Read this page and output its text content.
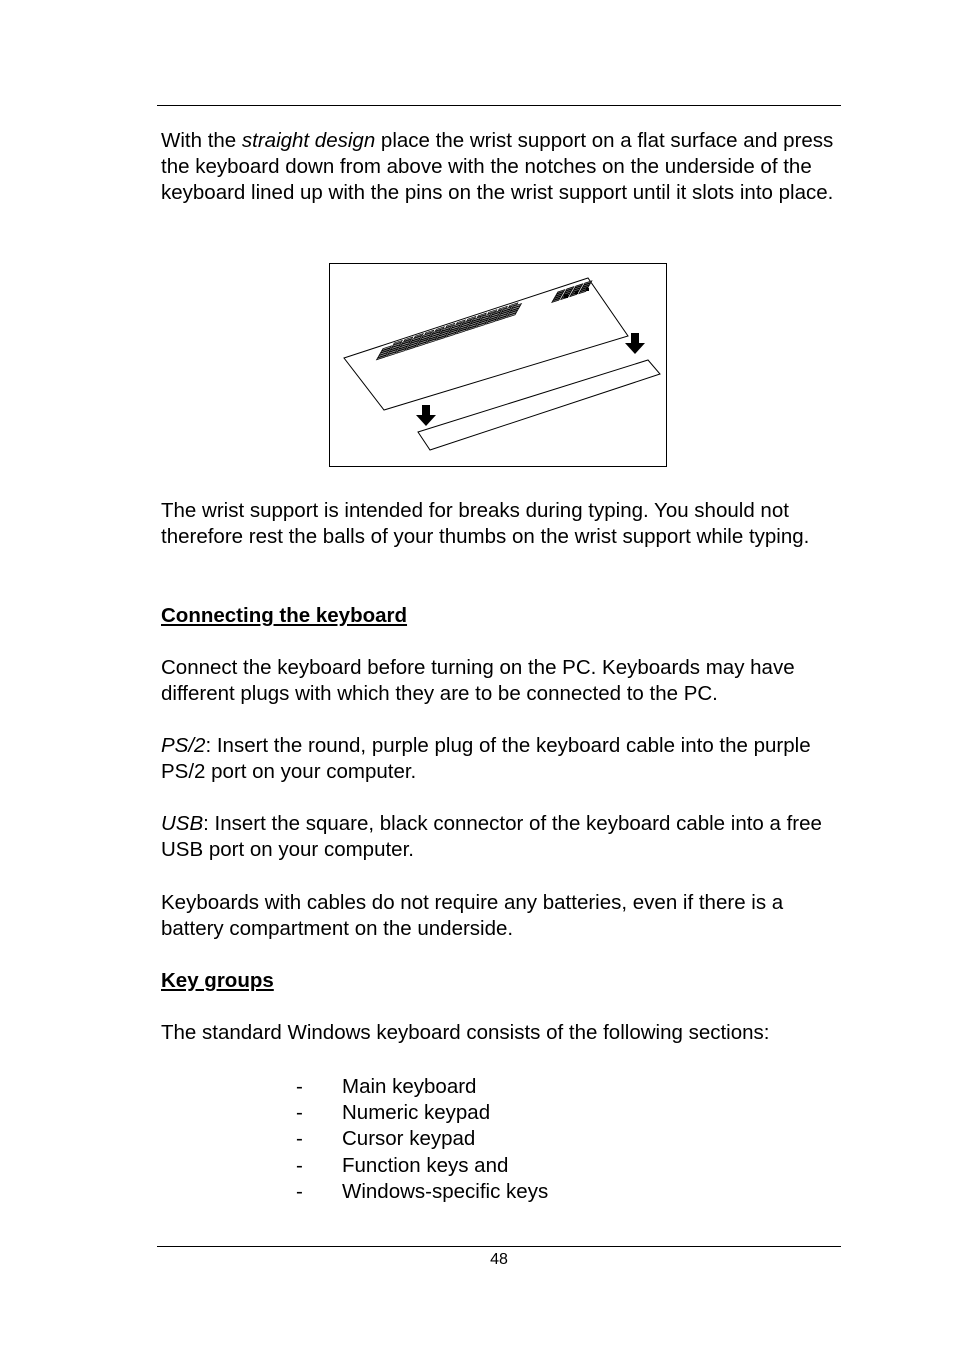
With the straight design place the wrist support on a flat surface and press the keyboard down from above with the notches on the underside of the keyboard lined up with the pins on the wrist support until it slots into place.

The wrist support is intended for breaks during typing. You should not therefore rest the balls of your thumbs on the wrist support while typing.

Connecting the keyboard

Connect the keyboard before turning on the PC. Keyboards may have different plugs with which they are to be connected to the PC.

PS/2: Insert the round, purple plug of the keyboard cable into the purple PS/2 port on your computer.

USB: Insert the square, black connector of the keyboard cable into a free USB port on your computer.

Keyboards with cables do not require any batteries, even if there is a battery compartment on the underside.

Key groups

The standard Windows keyboard consists of the following sections:

-	Main keyboard
-	Numeric keypad
-	Cursor keypad
-	Function keys and
-	Windows-specific keys
48
